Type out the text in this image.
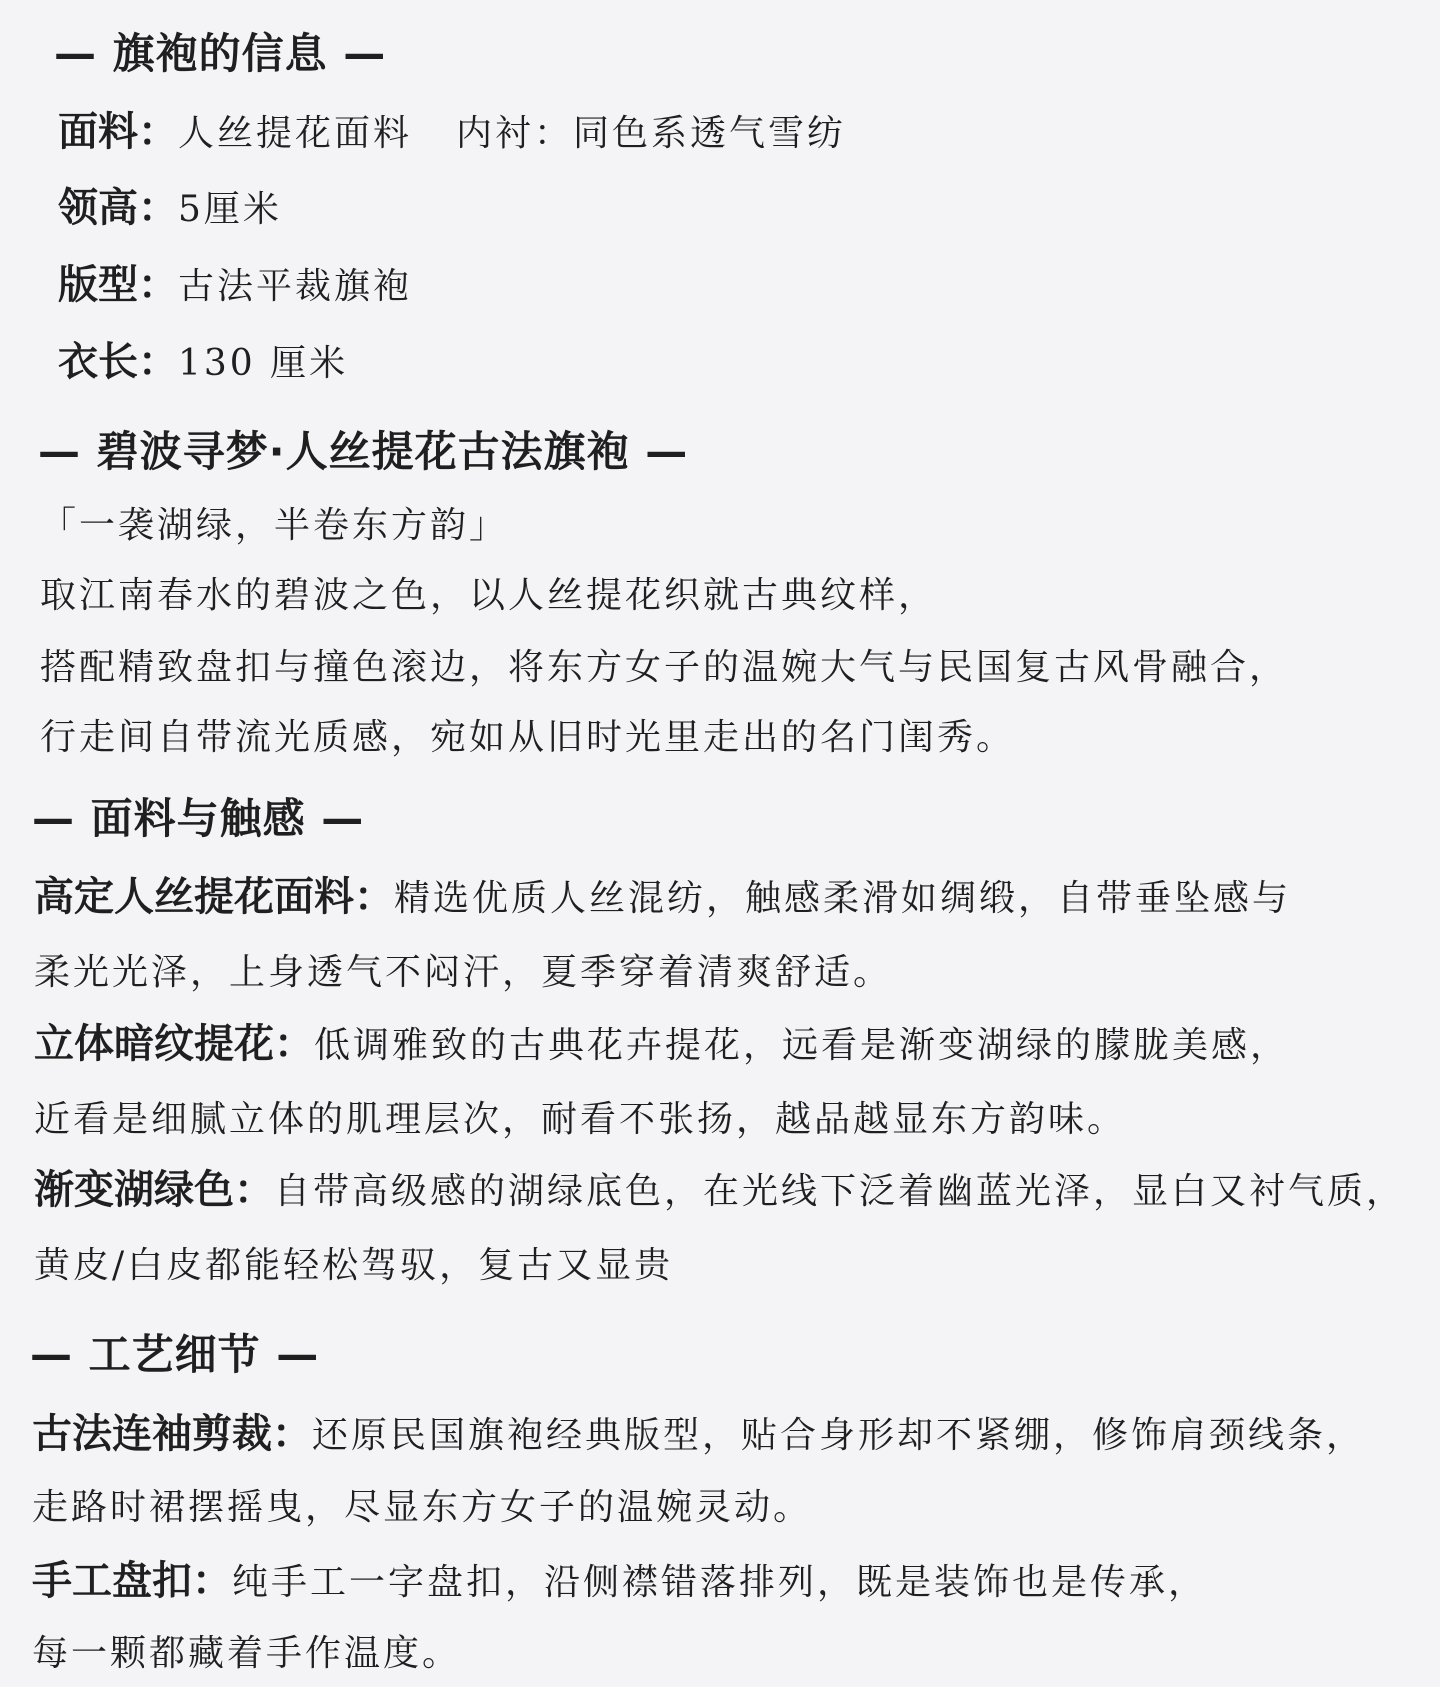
— 旗袍的信息 —
面料：人丝提花面料 内衬：同色系透气雪纺
领高：5厘米
版型：古法平裁旗袍
衣长：130 厘米
— 碧波寻梦·人丝提花古法旗袍 —
「一袭湖绿，半卷东方韵」
取江南春水的碧波之色，以人丝提花织就古典纹样，
搭配精致盘扣与撞色滚边，将东方女子的温婉大气与民国复古风骨融合，
行走间自带流光质感，宛如从旧时光里走出的名门闺秀。
— 面料与触感 —
高定人丝提花面料：精选优质人丝混纺，触感柔滑如绸缎，自带垂坠感与
柔光光泽，上身透气不闷汗，夏季穿着清爽舒适。
立体暗纹提花：低调雅致的古典花卉提花，远看是渐变湖绿的朦胧美感，
近看是细腻立体的肌理层次，耐看不张扬，越品越显东方韵味。
渐变湖绿色：自带高级感的湖绿底色，在光线下泛着幽蓝光泽，显白又衬气质，
黄皮/白皮都能轻松驾驭，复古又显贵
— 工艺细节 —
古法连袖剪裁：还原民国旗袍经典版型，贴合身形却不紧绷，修饰肩颈线条，
走路时裙摆摇曳，尽显东方女子的温婉灵动。
手工盘扣：纯手工一字盘扣，沿侧襟错落排列，既是装饰也是传承，
每一颗都藏着手作温度。
